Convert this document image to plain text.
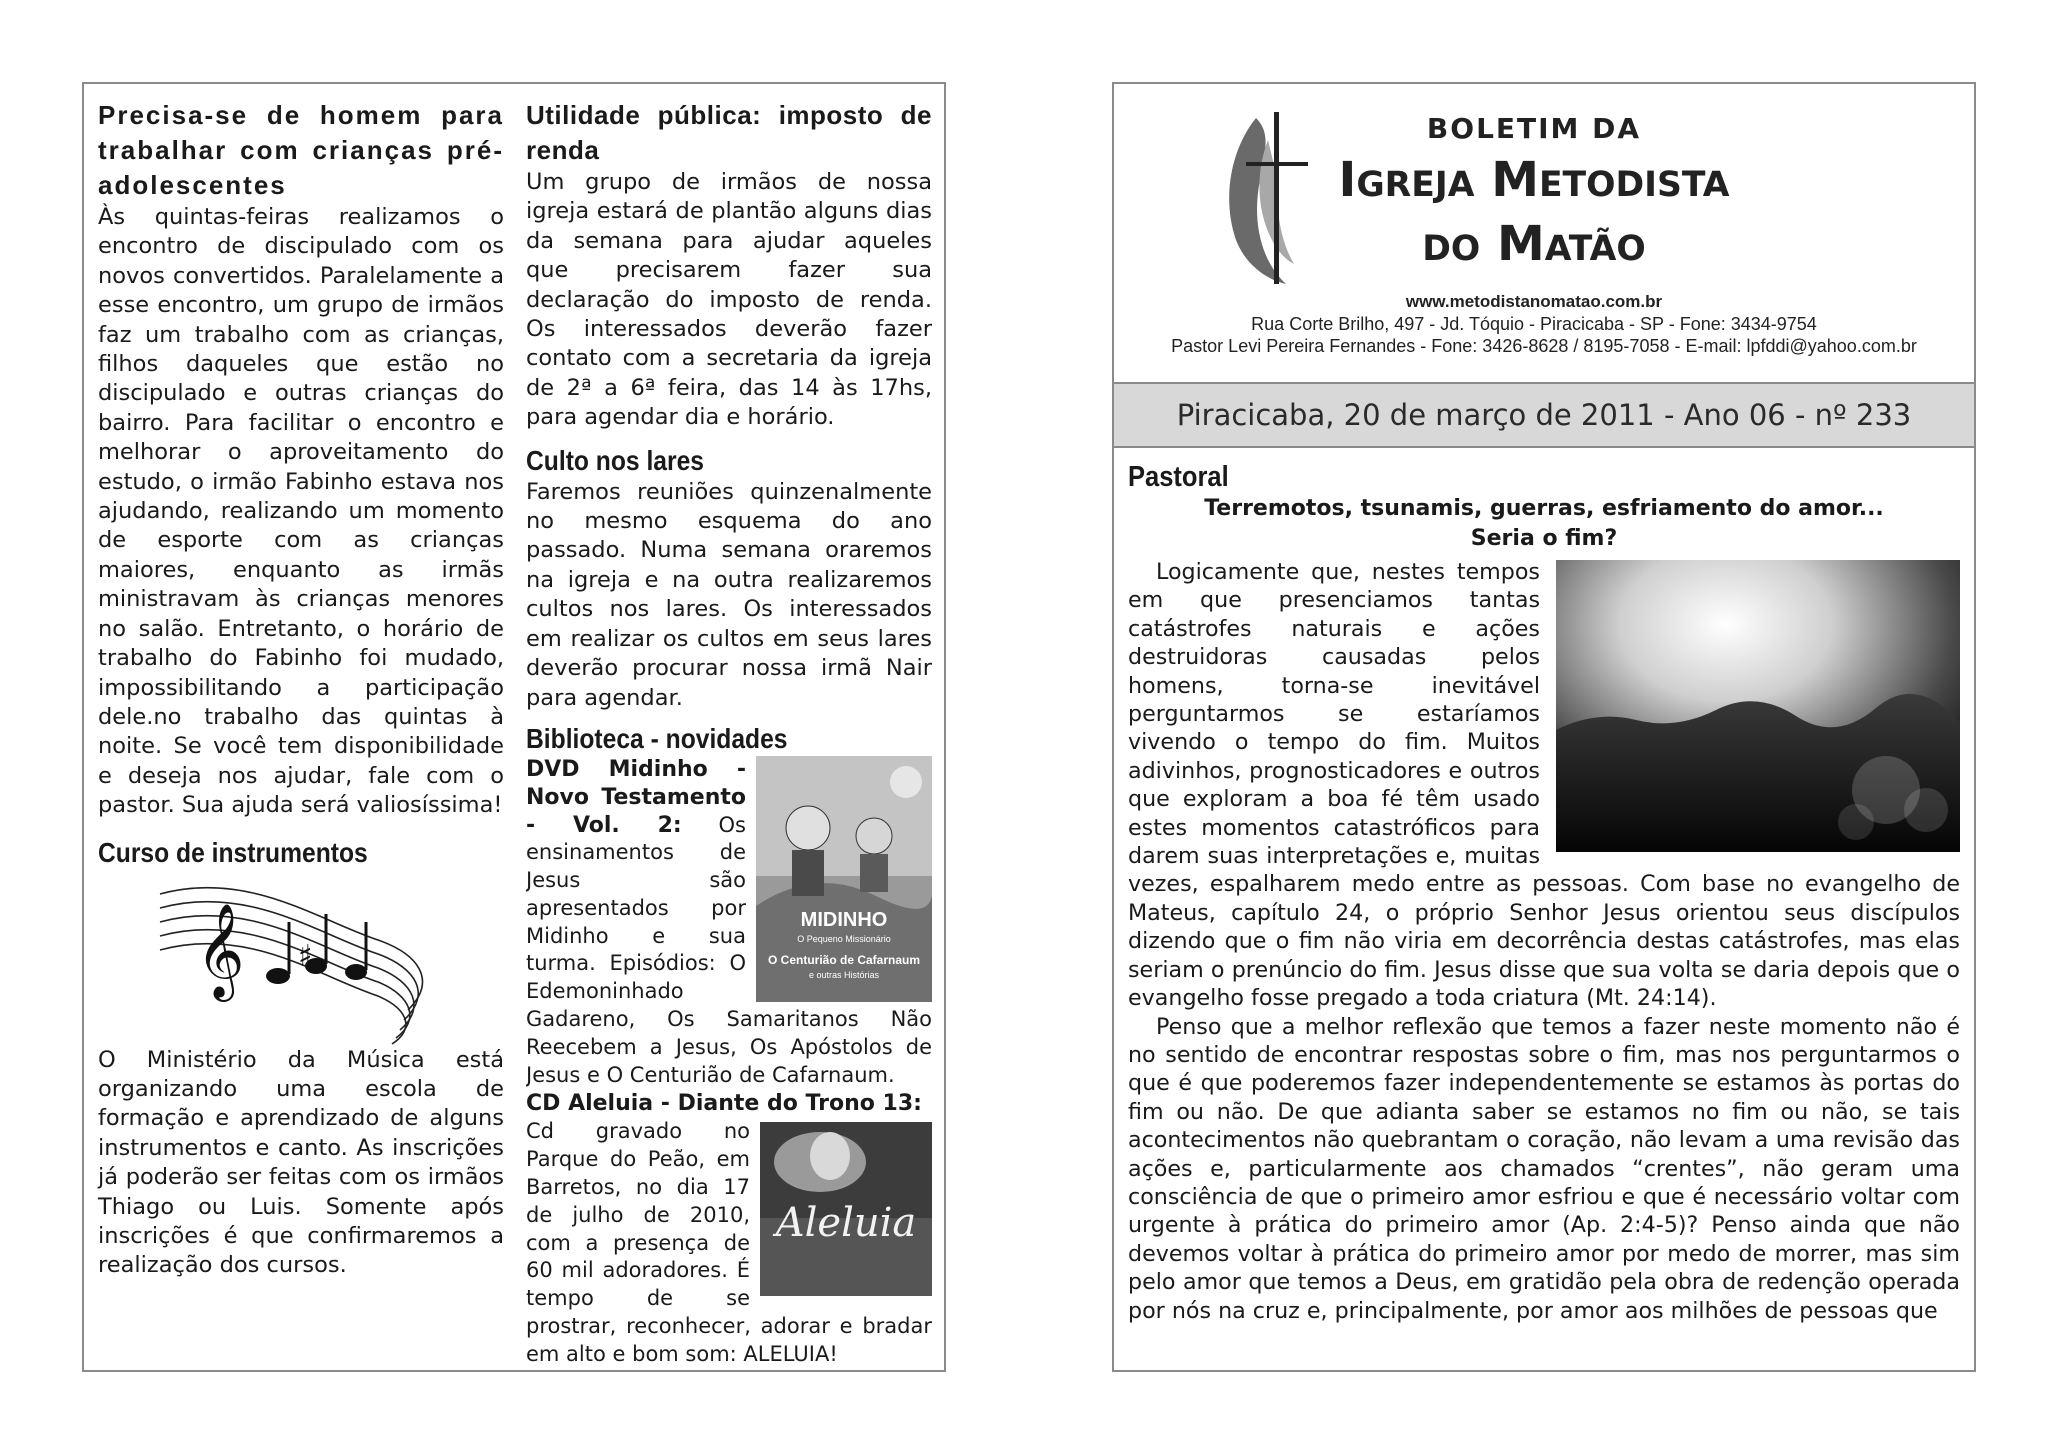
Precisa-se de homem para trabalhar com crianças pré-adolescentes

Às quintas-feiras realizamos o encontro de discipulado com os novos convertidos. Paralelamente a esse encontro, um grupo de irmãos faz um trabalho com as crianças, filhos daqueles que estão no discipulado e outras crianças do bairro. Para facilitar o encontro e melhorar o aproveitamento do estudo, o irmão Fabinho estava nos ajudando, realizando um momento de esporte com as crianças maiores, enquanto as irmãs ministravam às crianças menores no salão. Entretanto, o horário de trabalho do Fabinho foi mudado, impossibilitando a participação dele.no trabalho das quintas à noite. Se você tem disponibilidade e deseja nos ajudar, fale com o pastor. Sua ajuda será valiosíssima!

Curso de instrumentos
𝄞 ♯

O Ministério da Música está organizando uma escola de formação e aprendizado de alguns instrumentos e canto. As inscrições já poderão ser feitas com os irmãos Thiago ou Luis. Somente após inscrições é que confirmaremos a realização dos cursos.

Utilidade pública: imposto de renda

Um grupo de irmãos de nossa igreja estará de plantão alguns dias da semana para ajudar aqueles que precisarem fazer sua declaração do imposto de renda. Os interessados deverão fazer contato com a secretaria da igreja de 2ª a 6ª feira, das 14 às 17hs, para agendar dia e horário.

Culto nos lares

Faremos reuniões quinzenalmente no mesmo esquema do ano passado. Numa semana oraremos na igreja e na outra realizaremos cultos nos lares. Os interessados em realizar os cultos em seus lares deverão procurar nossa irmã Nair para agendar.

Biblioteca - novidades
MIDINHO
O Pequeno Missionário
O Centurião de Cafarnaum
e outras Histórias

DVD Midinho - Novo Testamento - Vol. 2: Os ensinamentos de Jesus são apresentados por Midinho e sua turma. Episódios: O Edemoninhado Gadareno, Os Samaritanos Não Reecebem a Jesus, Os Apóstolos de Jesus e O Centurião de Cafarnaum.

CD Aleluia - Diante do Trono 13:
Aleluia

Cd gravado no Parque do Peão, em Barretos, no dia 17 de julho de 2010, com a presença de 60 mil adoradores. É tempo de se prostrar, reconhecer, adorar e bradar em alto e bom som: ALELUIA!

BOLETIM DA
IGREJA METODISTA
DO MATÃO
www.metodistanomatao.com.br
Rua Corte Brilho, 497 - Jd. Tóquio - Piracicaba - SP - Fone: 3434-9754
Pastor Levi Pereira Fernandes - Fone: 3426-8628 / 8195-7058 - E-mail: lpfddi@yahoo.com.br
Piracicaba, 20 de março de 2011 - Ano 06 - nº 233
Pastoral
Terremotos, tsunamis, guerras, esfriamento do amor...
Seria o fim?

Logicamente que, nestes tempos em que presenciamos tantas catástrofes naturais e ações destruidoras causadas pelos homens, torna-se inevitável perguntarmos se estaríamos vivendo o tempo do fim. Muitos adivinhos, prognosticadores e outros que exploram a boa fé têm usado estes momentos catastróficos para darem suas interpretações e, muitas vezes, espalharem medo entre as pessoas. Com base no evangelho de Mateus, capítulo 24, o próprio Senhor Jesus orientou seus discípulos dizendo que o fim não viria em decorrência destas catástrofes, mas elas seriam o prenúncio do fim. Jesus disse que sua volta se daria depois que o evangelho fosse pregado a toda criatura (Mt. 24:14).

Penso que a melhor reflexão que temos a fazer neste momento não é no sentido de encontrar respostas sobre o fim, mas nos perguntarmos o que é que poderemos fazer independentemente se estamos às portas do fim ou não. De que adianta saber se estamos no fim ou não, se tais acontecimentos não quebrantam o coração, não levam a uma revisão das ações e, particularmente aos chamados “crentes”, não geram uma consciência de que o primeiro amor esfriou e que é necessário voltar com urgente à prática do primeiro amor (Ap. 2:4-5)? Penso ainda que não devemos voltar à prática do primeiro amor por medo de morrer, mas sim pelo amor que temos a Deus, em gratidão pela obra de redenção operada por nós na cruz e, principalmente, por amor aos milhões de pessoas que
